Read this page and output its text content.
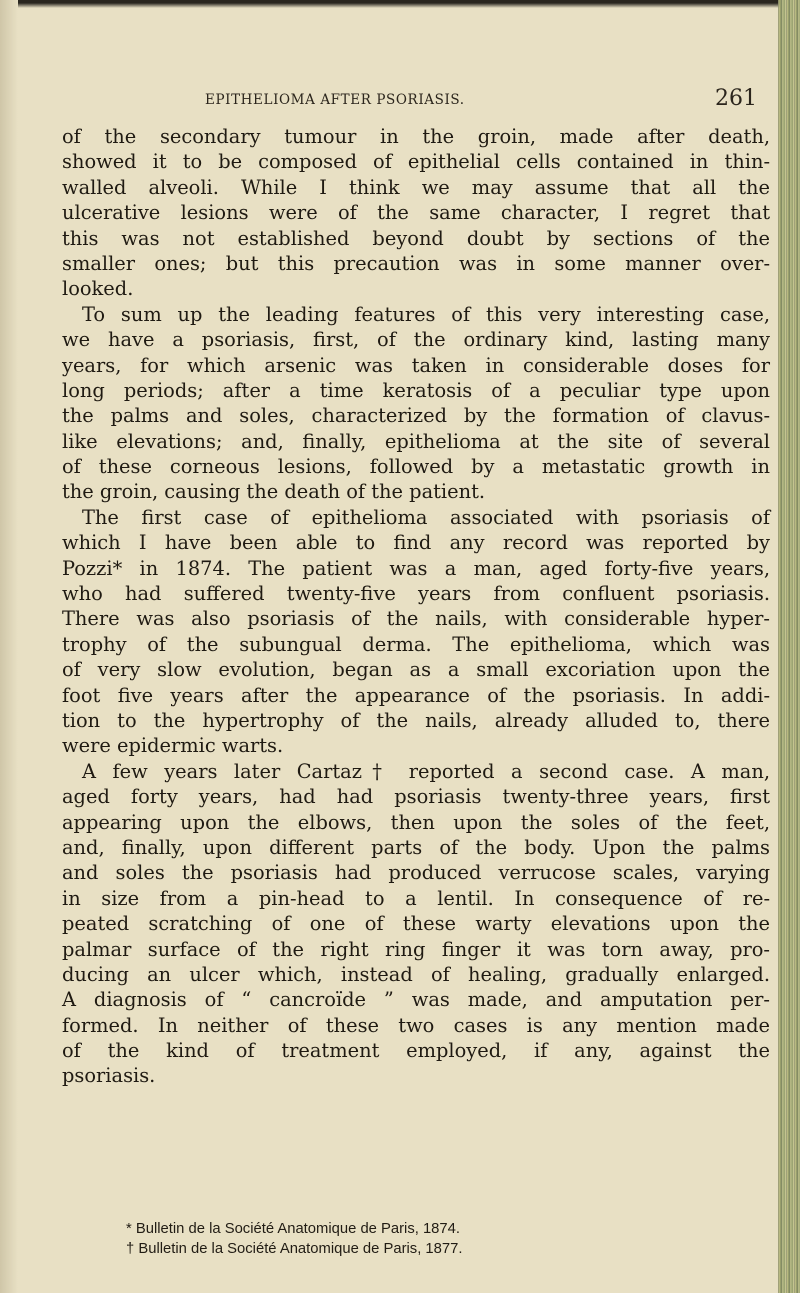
EPITHELIOMA AFTER PSORIASIS.	261
of the secondary tumour in the groin, made after death,
showed it to be composed of epithelial cells contained in thin-
walled alveoli. While I think we may assume that all the
ulcerative lesions were of the same character, I regret that
this was not established beyond doubt by sections of the
smaller ones; but this precaution was in some manner over-
looked.
To sum up the leading features of this very interesting case,
we have a psoriasis, first, of the ordinary kind, lasting many
years, for which arsenic was taken in considerable doses for
long periods; after a time keratosis of a peculiar type upon
the palms and soles, characterized by the formation of clavus-
like elevations; and, finally, epithelioma at the site of several
of these corneous lesions, followed by a metastatic growth in
the groin, causing the death of the patient.
The first case of epithelioma associated with psoriasis of
which I have been able to find any record was reported by
Pozzi* in 1874. The patient was a man, aged forty-five years,
who had suffered twenty-five years from confluent psoriasis.
There was also psoriasis of the nails, with considerable hyper-
trophy of the subungual derma. The epithelioma, which was
of very slow evolution, began as a small excoriation upon the
foot five years after the appearance of the psoriasis. In addi-
tion to the hypertrophy of the nails, already alluded to, there
were epidermic warts.
A few years later Cartaz† reported a second case. A man,
aged forty years, had had psoriasis twenty-three years, first
appearing upon the elbows, then upon the soles of the feet,
and, finally, upon different parts of the body. Upon the palms
and soles the psoriasis had produced verrucose scales, varying
in size from a pin-head to a lentil. In consequence of re-
peated scratching of one of these warty elevations upon the
palmar surface of the right ring finger it was torn away, pro-
ducing an ulcer which, instead of healing, gradually enlarged.
A diagnosis of “ cancroïde ” was made, and amputation per-
formed. In neither of these two cases is any mention made
of the kind of treatment employed, if any, against the
psoriasis.
* Bulletin de la Société Anatomique de Paris, 1874.
† Bulletin de la Société Anatomique de Paris, 1877.
